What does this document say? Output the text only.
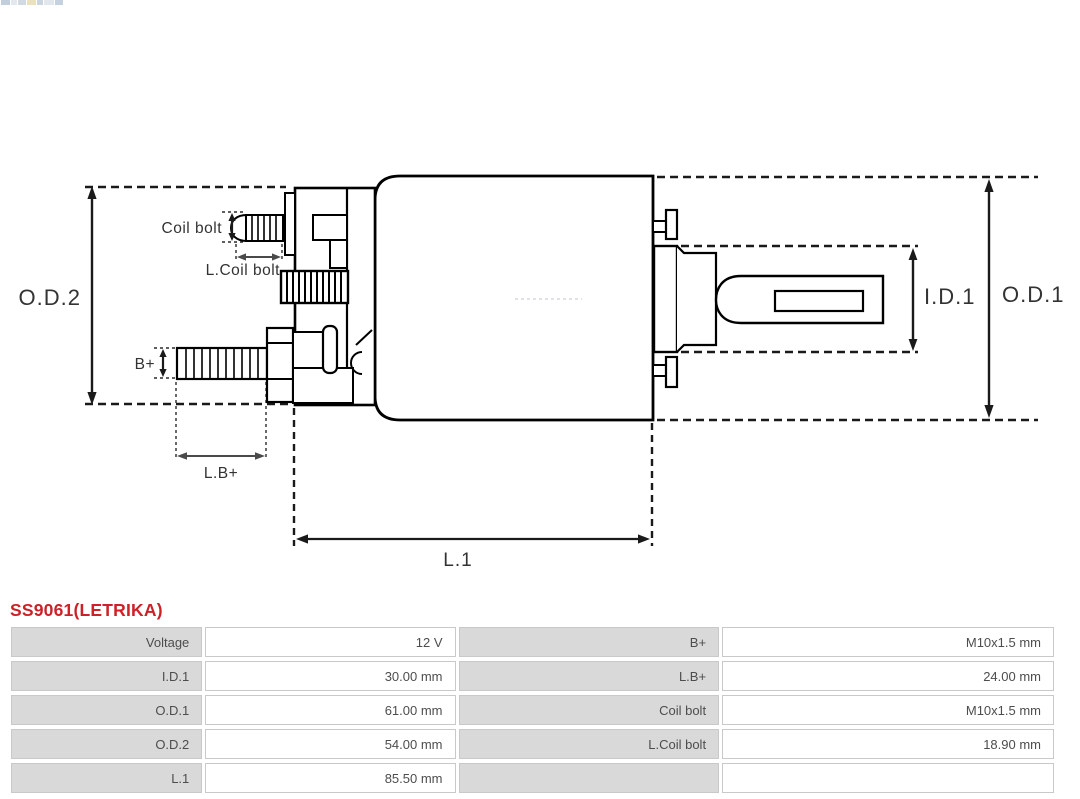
O.D.2	O.D.1
I.D.1
Coil bolt
L.Coil bolt
B+
L.B+
L.1
SS9061(LETRIKA)
Voltage	12 V	B+	M10x1.5 mm
I.D.1	30.00 mm	L.B+	24.00 mm
O.D.1	61.00 mm	Coil bolt	M10x1.5 mm
O.D.2	54.00 mm	L.Coil bolt	18.90 mm
L.1	85.50 mm		
